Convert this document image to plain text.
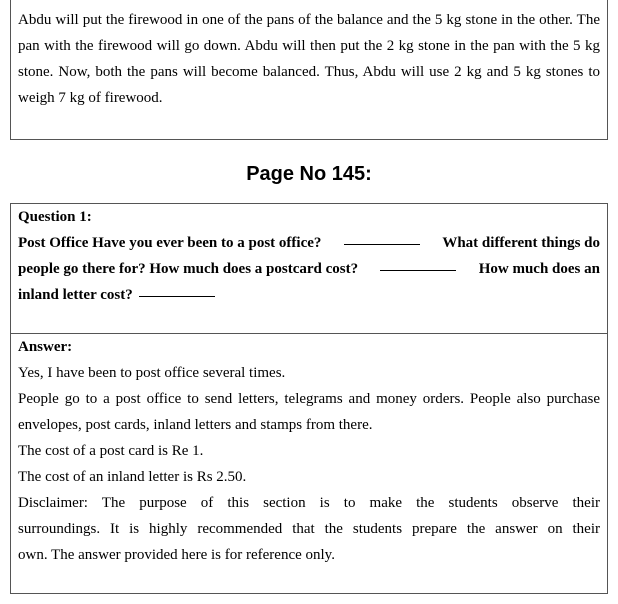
Abdu will put the firewood in one of the pans of the balance and the 5 kg stone in the other. The
pan with the firewood will go down. Abdu will then put the 2 kg stone in the pan with the 5 kg
stone. Now, both the pans will become balanced. Thus, Abdu will use 2 kg and 5 kg stones to
weigh 7 kg of firewood.
Page No 145:
Question 1:
Post Office Have you ever been to a post office?	What different things do
people go there for? How much does a postcard cost?	How much does an
inland letter cost?
Answer:
Yes, I have been to post office several times.
People go to a post office to send letters, telegrams and money orders. People also purchase
envelopes, post cards, inland letters and stamps from there.
The cost of a post card is Re 1.
The cost of an inland letter is Rs 2.50.
Disclaimer: The purpose of this section is to make the students observe their
surroundings. It is highly recommended that the students prepare the answer on their
own. The answer provided here is for reference only.
